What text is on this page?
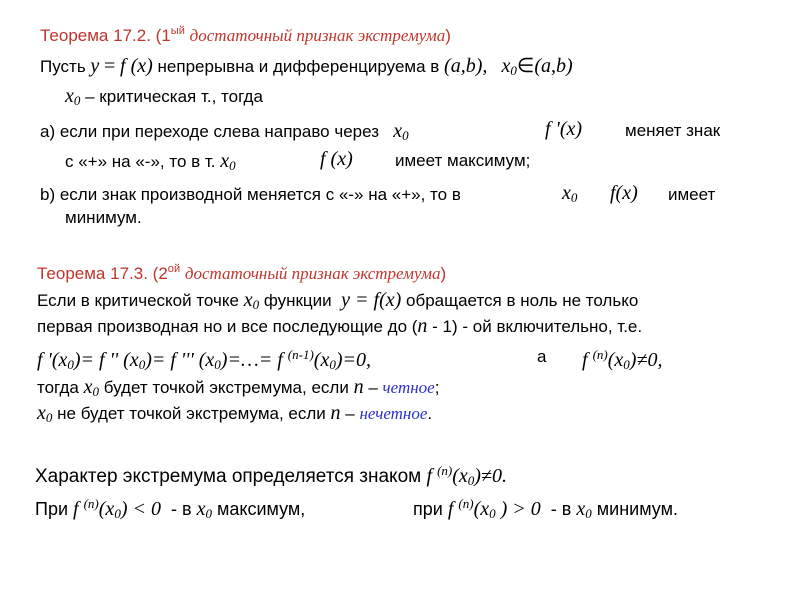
Теорема 17.2. ($1^{ый}$ достаточный признак экстремума)
Пусть y = f (x) непрерывна и дифференцируема в (a,b), $x_0\in(a,b)$
$x_0$ – критическая т., тогда
а) если при переходе слева направо через $x_0$	f '(x)	меняет знак
с «+» на «-», то в т. $x_0$	f (x) имеет максимум;
b) если знак производной меняется с «-» на «+», то в	$x_0$ f(x) имеет
минимум.
Теорема 17.3. ($2^{ой}$ достаточный признак экстремума)
Если в критической точке $x_0$ функции y = f(x) обращается в ноль не только
первая производная но и все последующие до (n - 1) - ой включительно, т.е.
f '$(x_0)= f$ '' $(x_0)= f$ ''' $(x_0)=\dots= f$ $^{(n-1)}(x_0)=0$,	а f $^{(n)}(x_0)\ne 0$,
тогда $x_0$ будет точкой экстремума, если n – четное;
$x_0$ не будет точкой экстремума, если n – нечетное.
Характер экстремума определяется знаком f $^{(n)}(x_0)\ne 0$.
При f $^{(n)}(x_0) < 0 - в$ $x_0$ максимум,	при f $^{(n)}(x_0$ ) > 0 - в $x_0$ минимум.
